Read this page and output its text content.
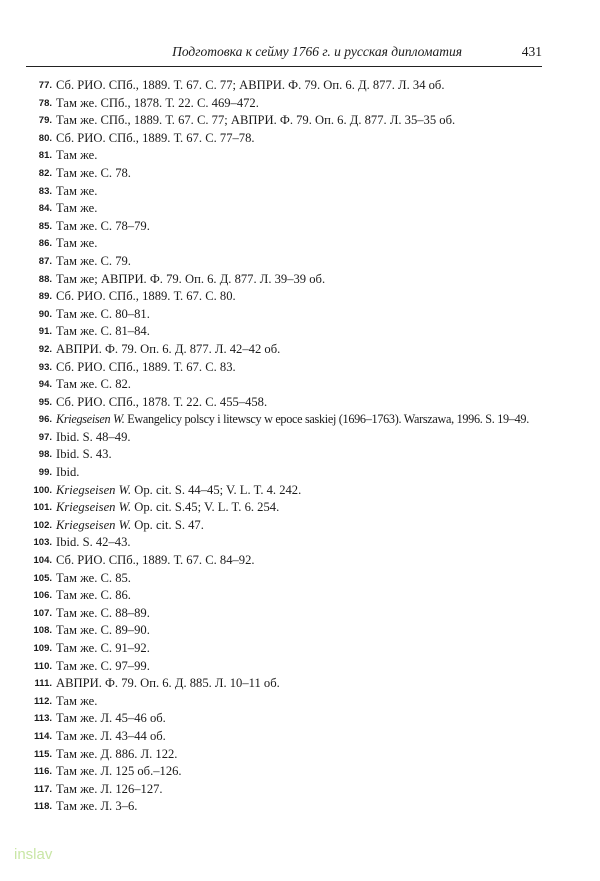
Подготовка к сейму 1766 г. и русская дипломатия	431
77. Сб. РИО. СПб., 1889. Т. 67. С. 77; АВПРИ. Ф. 79. Оп. 6. Д. 877. Л. 34 об.
78. Там же. СПб., 1878. Т. 22. С. 469–472.
79. Там же. СПб., 1889. Т. 67. С. 77; АВПРИ. Ф. 79. Оп. 6. Д. 877. Л. 35–35 об.
80. Сб. РИО. СПб., 1889. Т. 67. С. 77–78.
81. Там же.
82. Там же. С. 78.
83. Там же.
84. Там же.
85. Там же. С. 78–79.
86. Там же.
87. Там же. С. 79.
88. Там же; АВПРИ. Ф. 79. Оп. 6. Д. 877. Л. 39–39 об.
89. Сб. РИО. СПб., 1889. Т. 67. С. 80.
90. Там же. С. 80–81.
91. Там же. С. 81–84.
92. АВПРИ. Ф. 79. Оп. 6. Д. 877. Л. 42–42 об.
93. Сб. РИО. СПб., 1889. Т. 67. С. 83.
94. Там же. С. 82.
95. Сб. РИО. СПб., 1878. Т. 22. С. 455–458.
96. Kriegseisen W. Ewangelicy polscy i litewscy w epoce saskiej (1696–1763). Warszawa, 1996. S. 19–49.
97. Ibid. S. 48–49.
98. Ibid. S. 43.
99. Ibid.
100. Kriegseisen W. Op. cit. S. 44–45; V. L. T. 4. 242.
101. Kriegseisen W. Op. cit. S.45; V. L. T. 6. 254.
102. Kriegseisen W. Op. cit. S. 47.
103. Ibid. S. 42–43.
104. Сб. РИО. СПб., 1889. Т. 67. С. 84–92.
105. Там же. С. 85.
106. Там же. С. 86.
107. Там же. С. 88–89.
108. Там же. С. 89–90.
109. Там же. С. 91–92.
110. Там же. С. 97–99.
111. АВПРИ. Ф. 79. Оп. 6. Д. 885. Л. 10–11 об.
112. Там же.
113. Там же. Л. 45–46 об.
114. Там же. Л. 43–44 об.
115. Там же. Д. 886. Л. 122.
116. Там же. Л. 125 об.–126.
117. Там же. Л. 126–127.
118. Там же. Л. 3–6.
inslav
